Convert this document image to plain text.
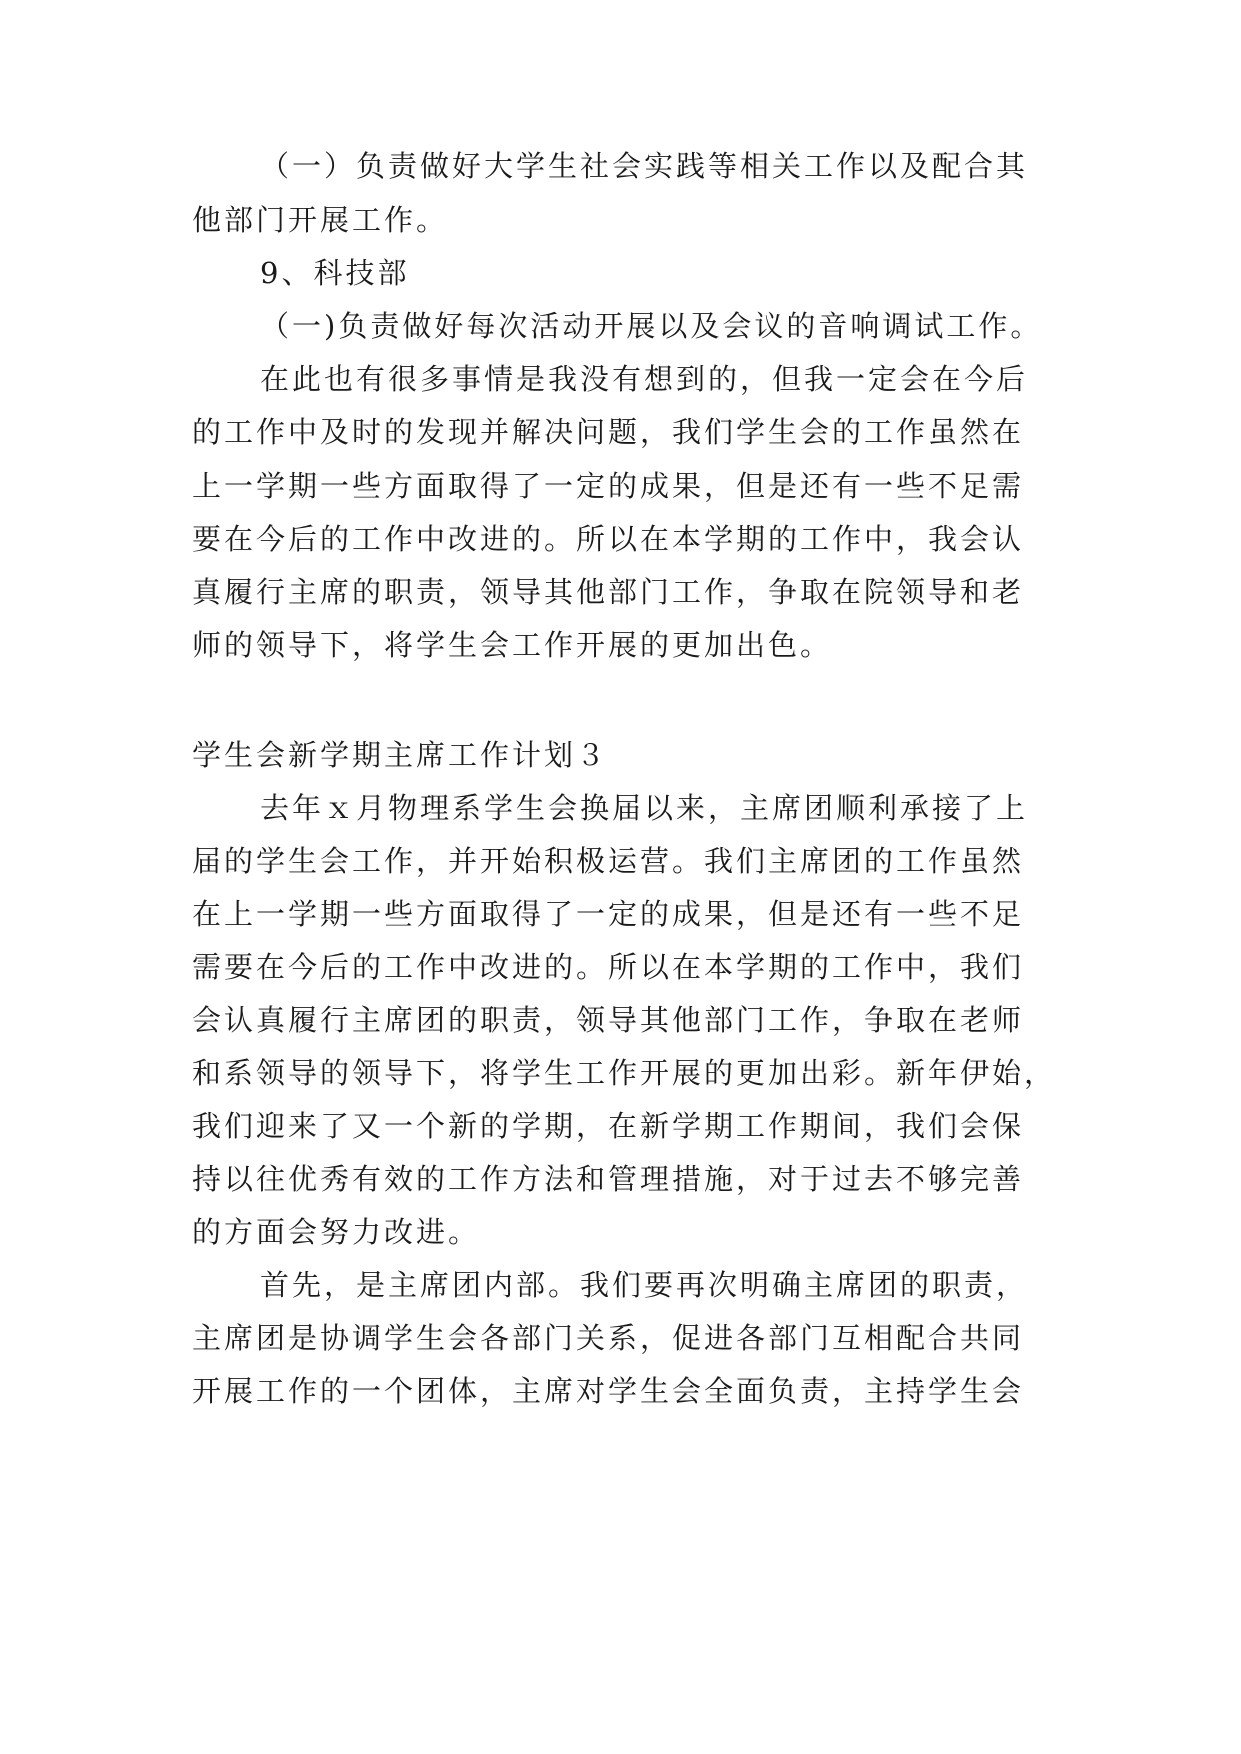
（一）负责做好大学生社会实践等相关工作以及配合其
他部门开展工作。
9、科技部
（一)负责做好每次活动开展以及会议的音响调试工作。
在此也有很多事情是我没有想到的，但我一定会在今后
的工作中及时的发现并解决问题，我们学生会的工作虽然在
上一学期一些方面取得了一定的成果，但是还有一些不足需
要在今后的工作中改进的。所以在本学期的工作中，我会认
真履行主席的职责，领导其他部门工作，争取在院领导和老
师的领导下，将学生会工作开展的更加出色。
学生会新学期主席工作计划３
去年ｘ月物理系学生会换届以来，主席团顺利承接了上
届的学生会工作，并开始积极运营。我们主席团的工作虽然
在上一学期一些方面取得了一定的成果，但是还有一些不足
需要在今后的工作中改进的。所以在本学期的工作中，我们
会认真履行主席团的职责，领导其他部门工作，争取在老师
和系领导的领导下，将学生工作开展的更加出彩。新年伊始，
我们迎来了又一个新的学期，在新学期工作期间，我们会保
持以往优秀有效的工作方法和管理措施，对于过去不够完善
的方面会努力改进。
首先，是主席团内部。我们要再次明确主席团的职责，
主席团是协调学生会各部门关系，促进各部门互相配合共同
开展工作的一个团体，主席对学生会全面负责，主持学生会
